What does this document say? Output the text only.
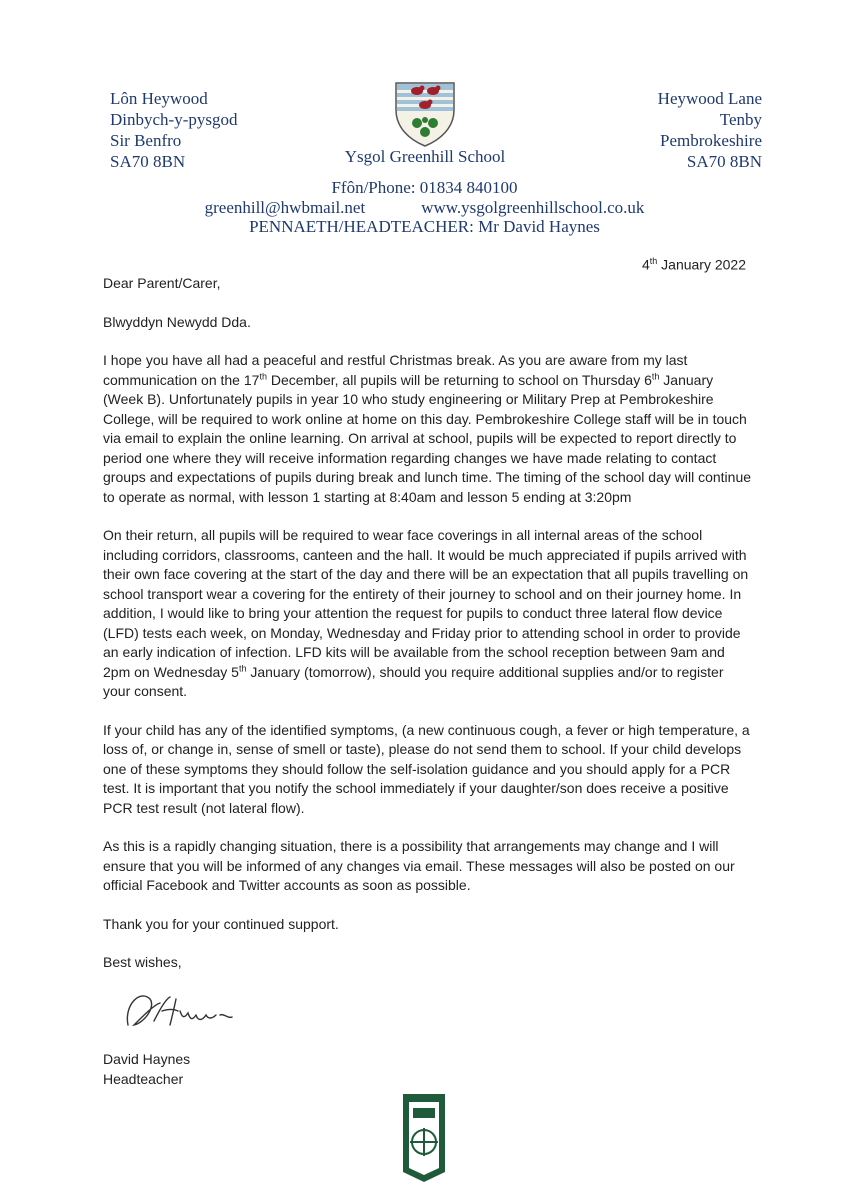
Lôn Heywood
Dinbych-y-pysgod
Sir Benfro
SA70 8BN
Heywood Lane
Tenby
Pembrokeshire
SA70 8BN
Ysgol Greenhill School
Ffôn/Phone: 01834 840100
greenhill@hwbmail.net	www.ysgolgreenhillschool.co.uk
PENNAETH/HEADTEACHER: Mr David Haynes
4th January 2022

Dear Parent/Carer,

Blwyddyn Newydd Dda.

I hope you have all had a peaceful and restful Christmas break. As you are aware from my last communication on the 17th December, all pupils will be returning to school on Thursday 6th January (Week B). Unfortunately pupils in year 10 who study engineering or Military Prep at Pembrokeshire College, will be required to work online at home on this day. Pembrokeshire College staff will be in touch via email to explain the online learning. On arrival at school, pupils will be expected to report directly to period one where they will receive information regarding changes we have made relating to contact groups and expectations of pupils during break and lunch time. The timing of the school day will continue to operate as normal, with lesson 1 starting at 8:40am and lesson 5 ending at 3:20pm

On their return, all pupils will be required to wear face coverings in all internal areas of the school including corridors, classrooms, canteen and the hall. It would be much appreciated if pupils arrived with their own face covering at the start of the day and there will be an expectation that all pupils travelling on school transport wear a covering for the entirety of their journey to school and on their journey home. In addition, I would like to bring your attention the request for pupils to conduct three lateral flow device (LFD) tests each week, on Monday, Wednesday and Friday prior to attending school in order to provide an early indication of infection. LFD kits will be available from the school reception between 9am and 2pm on Wednesday 5th January (tomorrow), should you require additional supplies and/or to register your consent.

If your child has any of the identified symptoms, (a new continuous cough, a fever or high temperature, a loss of, or change in, sense of smell or taste), please do not send them to school. If your child develops one of these symptoms they should follow the self-isolation guidance and you should apply for a PCR test. It is important that you notify the school immediately if your daughter/son does receive a positive PCR test result (not lateral flow).

As this is a rapidly changing situation, there is a possibility that arrangements may change and I will ensure that you will be informed of any changes via email. These messages will also be posted on our official Facebook and Twitter accounts as soon as possible.

Thank you for your continued support.

Best wishes,

David Haynes
Headteacher
